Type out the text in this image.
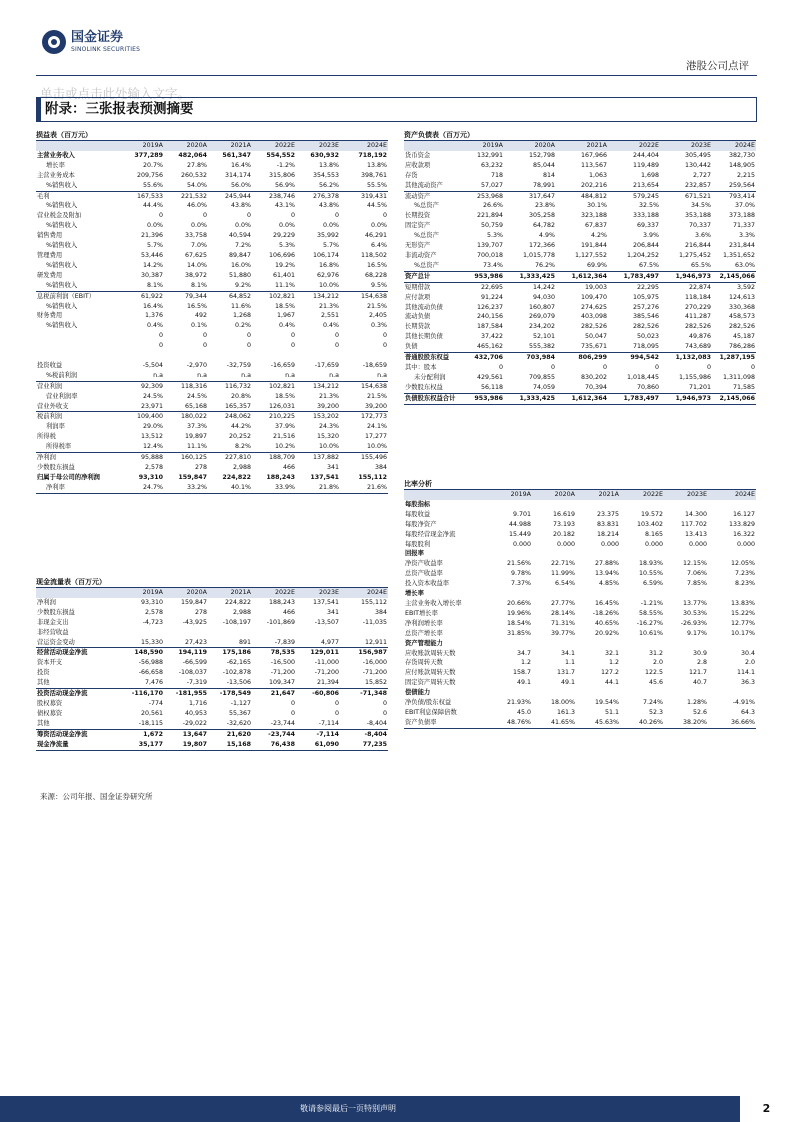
国金证券
SINOLINK SECURITIES
港股公司点评
单击或点击此处输入文字。
附录：三张报表预测摘要
损益表（百万元）
	2019A	2020A	2021A	2022E	2023E	2024E
主营业务收入	377,289	482,064	561,347	554,552	630,932	718,192
增长率	20.7%	27.8%	16.4%	-1.2%	13.8%	13.8%
主营业务成本	209,756	260,532	314,174	315,806	354,553	398,761
%销售收入	55.6%	54.0%	56.0%	56.9%	56.2%	55.5%
毛利	167,533	221,532	245,944	238,746	276,378	319,431
%销售收入	44.4%	46.0%	43.8%	43.1%	43.8%	44.5%
营业税金及附加	0	0	0	0	0	0
%销售收入	0.0%	0.0%	0.0%	0.0%	0.0%	0.0%
销售费用	21,396	33,758	40,594	29,229	35,992	46,291
%销售收入	5.7%	7.0%	7.2%	5.3%	5.7%	6.4%
管理费用	53,446	67,625	89,847	106,696	106,174	118,502
%销售收入	14.2%	14.0%	16.0%	19.2%	16.8%	16.5%
研发费用	30,387	38,972	51,880	61,401	62,976	68,228
%销售收入	8.1%	8.1%	9.2%	11.1%	10.0%	9.5%
息税前利润（EBIT）	61,922	79,344	64,852	102,821	134,212	154,638
%销售收入	16.4%	16.5%	11.6%	18.5%	21.3%	21.5%
财务费用	1,376	492	1,268	1,967	2,551	2,405
%销售收入	0.4%	0.1%	0.2%	0.4%	0.4%	0.3%
	0	0	0	0	0	0
	0	0	0	0	0	0

投资收益	-5,504	-2,970	-32,759	-16,659	-17,659	-18,659
%税前利润	n.a	n.a	n.a	n.a	n.a	n.a
营业利润	92,309	118,316	116,732	102,821	134,212	154,638
营业利润率	24.5%	24.5%	20.8%	18.5%	21.3%	21.5%
营业外收支	23,971	65,168	165,357	126,031	39,200	39,200
税前利润	109,400	180,022	248,062	210,225	153,202	172,773
利润率	29.0%	37.3%	44.2%	37.9%	24.3%	24.1%
所得税	13,512	19,897	20,252	21,516	15,320	17,277
所得税率	12.4%	11.1%	8.2%	10.2%	10.0%	10.0%
净利润	95,888	160,125	227,810	188,709	137,882	155,496
少数股东损益	2,578	278	2,988	466	341	384
归属于母公司的净利润	93,310	159,847	224,822	188,243	137,541	155,112
净利率	24.7%	33.2%	40.1%	33.9%	21.8%	21.6%
资产负债表（百万元）
	2019A	2020A	2021A	2022E	2023E	2024E
货币资金	132,991	152,798	167,966	244,404	305,495	382,730
应收款项	63,232	85,044	113,567	119,489	130,442	148,905
存货	718	814	1,063	1,698	2,727	2,215
其他流动资产	57,027	78,991	202,216	213,654	232,857	259,564
流动资产	253,968	317,647	484,812	579,245	671,521	793,414
%总资产	26.6%	23.8%	30.1%	32.5%	34.5%	37.0%
长期投资	221,894	305,258	323,188	333,188	353,188	373,188
固定资产	50,759	64,782	67,837	69,337	70,337	71,337
%总资产	5.3%	4.9%	4.2%	3.9%	3.6%	3.3%
无形资产	139,707	172,366	191,844	206,844	216,844	231,844
非流动资产	700,018	1,015,778	1,127,552	1,204,252	1,275,452	1,351,652
%总资产	73.4%	76.2%	69.9%	67.5%	65.5%	63.0%
资产总计	953,986	1,333,425	1,612,364	1,783,497	1,946,973	2,145,066
短期借款	22,695	14,242	19,003	22,295	22,874	3,592
应付款项	91,224	94,030	109,470	105,975	118,184	124,613
其他流动负债	126,237	160,807	274,625	257,276	270,229	330,368
流动负债	240,156	269,079	403,098	385,546	411,287	458,573
长期贷款	187,584	234,202	282,526	282,526	282,526	282,526
其他长期负债	37,422	52,101	50,047	50,023	49,876	45,187
负债	465,162	555,382	735,671	718,095	743,689	786,286
普通股股东权益	432,706	703,984	806,299	994,542	1,132,083	1,287,195
其中：股本	0	0	0	0	0	0
未分配利润	429,561	709,855	830,202	1,018,445	1,155,986	1,311,098
少数股东权益	56,118	74,059	70,394	70,860	71,201	71,585
负债股东权益合计	953,986	1,333,425	1,612,364	1,783,497	1,946,973	2,145,066
现金流量表（百万元）
	2019A	2020A	2021A	2022E	2023E	2024E
净利润	93,310	159,847	224,822	188,243	137,541	155,112
少数股东损益	2,578	278	2,988	466	341	384
非现金支出	-4,723	-43,925	-108,197	-101,869	-13,507	-11,035
非经营收益						
营运资金变动	15,330	27,423	891	-7,839	4,977	12,911
经营活动现金净流	148,590	194,119	175,186	78,535	129,011	156,987
资本开支	-56,988	-66,599	-62,165	-16,500	-11,000	-16,000
投资	-66,658	-108,037	-102,878	-71,200	-71,200	-71,200
其他	7,476	-7,319	-13,506	109,347	21,394	15,852
投资活动现金净流	-116,170	-181,955	-178,549	21,647	-60,806	-71,348
股权募资	-774	1,716	-1,127	0	0	0
债权募资	20,561	40,953	55,367	0	0	0
其他	-18,115	-29,022	-32,620	-23,744	-7,114	-8,404
筹资活动现金净流	1,672	13,647	21,620	-23,744	-7,114	-8,404
现金净流量	35,177	19,807	15,168	76,438	61,090	77,235
比率分析
	2019A	2020A	2021A	2022E	2023E	2024E
每股指标						
每股收益	9.701	16.619	23.375	19.572	14.300	16.127
每股净资产	44.988	73.193	83.831	103.402	117.702	133.829
每股经营现金净流	15.449	20.182	18.214	8.165	13.413	16.322
每股股利	0.000	0.000	0.000	0.000	0.000	0.000
回报率						
净资产收益率	21.56%	22.71%	27.88%	18.93%	12.15%	12.05%
总资产收益率	9.78%	11.99%	13.94%	10.55%	7.06%	7.23%
投入资本收益率	7.37%	6.54%	4.85%	6.59%	7.85%	8.23%
增长率						
主营业务收入增长率	20.66%	27.77%	16.45%	-1.21%	13.77%	13.83%
EBIT增长率	19.96%	28.14%	-18.26%	58.55%	30.53%	15.22%
净利润增长率	18.54%	71.31%	40.65%	-16.27%	-26.93%	12.77%
总资产增长率	31.85%	39.77%	20.92%	10.61%	9.17%	10.17%
资产管理能力						
应收账款周转天数	34.7	34.1	32.1	31.2	30.9	30.4
存货周转天数	1.2	1.1	1.2	2.0	2.8	2.0
应付账款周转天数	158.7	131.7	127.2	122.5	121.7	114.1
固定资产周转天数	49.1	49.1	44.1	45.6	40.7	36.3
偿债能力						
净负债/股东权益	21.93%	18.00%	19.54%	7.24%	1.28%	-4.91%
EBIT利息保障倍数	45.0	161.3	51.1	52.3	52.6	64.3
资产负债率	48.76%	41.65%	45.63%	40.26%	38.20%	36.66%
来源：公司年报、国金证券研究所
敬请参阅最后一页特别声明	2
